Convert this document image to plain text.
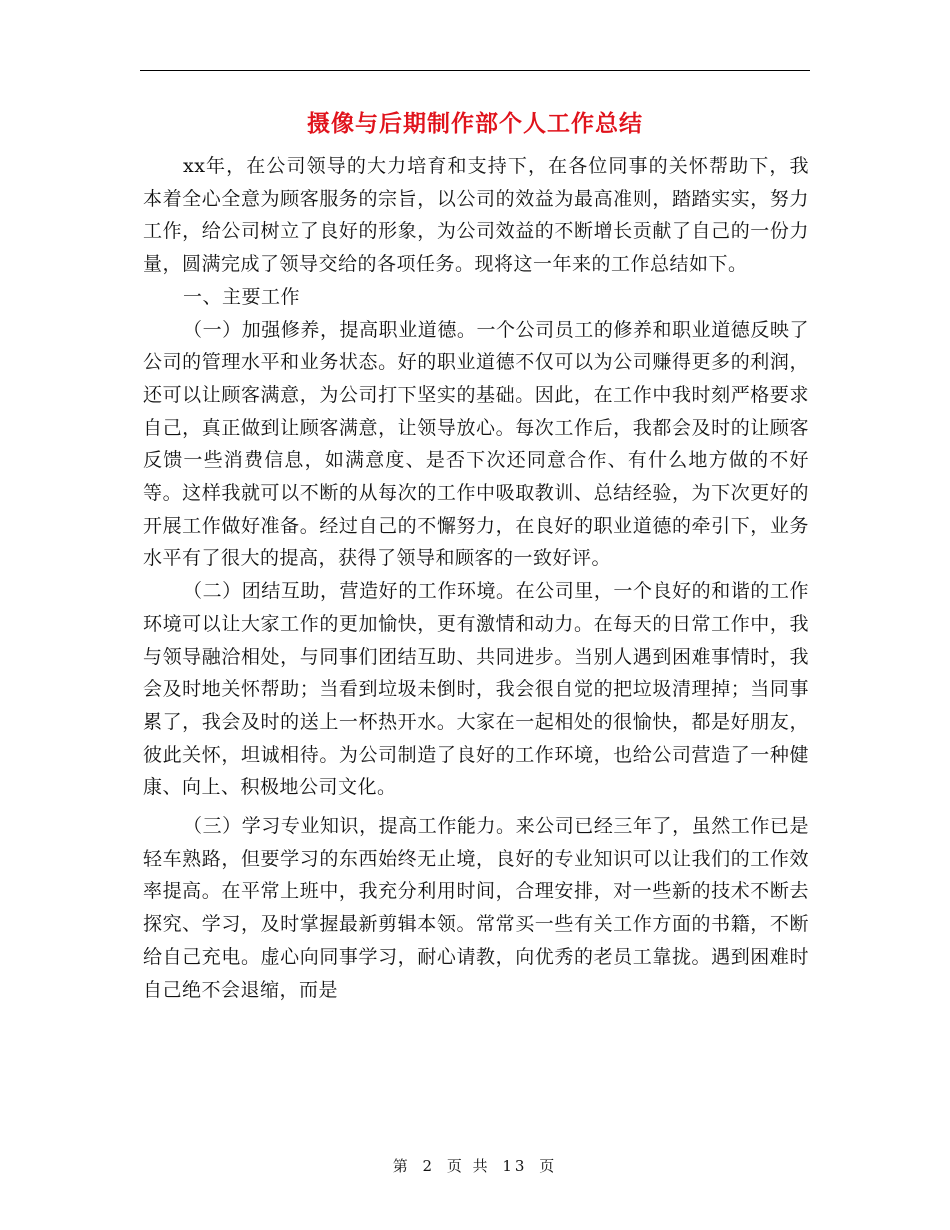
摄像与后期制作部个人工作总结

xx年，在公司领导的大力培育和支持下，在各位同事的关怀帮助下，我本着全心全意为顾客服务的宗旨，以公司的效益为最高准则，踏踏实实，努力工作，给公司树立了良好的形象，为公司效益的不断增长贡献了自己的一份力量，圆满完成了领导交给的各项任务。现将这一年来的工作总结如下。

一、主要工作

（一）加强修养，提高职业道德。一个公司员工的修养和职业道德反映了公司的管理水平和业务状态。好的职业道德不仅可以为公司赚得更多的利润，还可以让顾客满意，为公司打下坚实的基础。因此，在工作中我时刻严格要求自己，真正做到让顾客满意，让领导放心。每次工作后，我都会及时的让顾客反馈一些消费信息，如满意度、是否下次还同意合作、有什么地方做的不好等。这样我就可以不断的从每次的工作中吸取教训、总结经验，为下次更好的开展工作做好准备。经过自己的不懈努力，在良好的职业道德的牵引下，业务水平有了很大的提高，获得了领导和顾客的一致好评。

（二）团结互助，营造好的工作环境。在公司里，一个良好的和谐的工作环境可以让大家工作的更加愉快，更有激情和动力。在每天的日常工作中，我与领导融洽相处，与同事们团结互助、共同进步。当别人遇到困难事情时，我会及时地关怀帮助；当看到垃圾未倒时，我会很自觉的把垃圾清理掉；当同事累了，我会及时的送上一杯热开水。大家在一起相处的很愉快，都是好朋友，彼此关怀，坦诚相待。为公司制造了良好的工作环境，也给公司营造了一种健康、向上、积极地公司文化。

（三）学习专业知识，提高工作能力。来公司已经三年了，虽然工作已是轻车熟路，但要学习的东西始终无止境，良好的专业知识可以让我们的工作效率提高。在平常上班中，我充分利用时间，合理安排，对一些新的技术不断去探究、学习，及时掌握最新剪辑本领。常常买一些有关工作方面的书籍，不断给自己充电。虚心向同事学习，耐心请教，向优秀的老员工靠拢。遇到困难时自己绝不会退缩，而是

第 2 页 共 13 页
